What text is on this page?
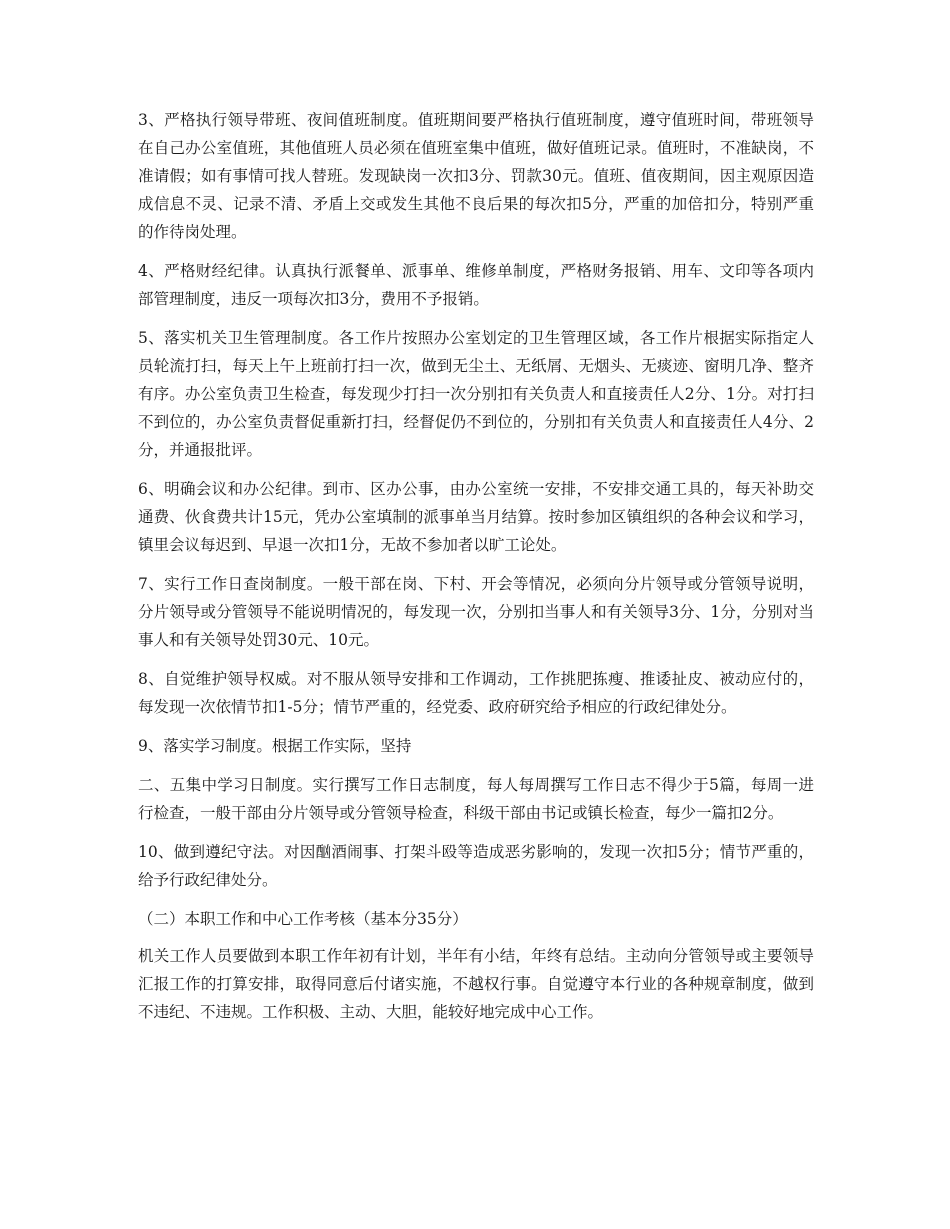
3、严格执行领导带班、夜间值班制度。值班期间要严格执行值班制度，遵守值班时间，带班领导在自己办公室值班，其他值班人员必须在值班室集中值班，做好值班记录。值班时，不准缺岗，不准请假；如有事情可找人替班。发现缺岗一次扣3分、罚款30元。值班、值夜期间，因主观原因造成信息不灵、记录不清、矛盾上交或发生其他不良后果的每次扣5分，严重的加倍扣分，特别严重的作待岗处理。

4、严格财经纪律。认真执行派餐单、派事单、维修单制度，严格财务报销、用车、文印等各项内部管理制度，违反一项每次扣3分，费用不予报销。

5、落实机关卫生管理制度。各工作片按照办公室划定的卫生管理区域，各工作片根据实际指定人员轮流打扫，每天上午上班前打扫一次，做到无尘土、无纸屑、无烟头、无痰迹、窗明几净、整齐有序。办公室负责卫生检查，每发现少打扫一次分别扣有关负责人和直接责任人2分、1分。对打扫不到位的，办公室负责督促重新打扫，经督促仍不到位的，分别扣有关负责人和直接责任人4分、2分，并通报批评。

6、明确会议和办公纪律。到市、区办公事，由办公室统一安排，不安排交通工具的，每天补助交通费、伙食费共计15元，凭办公室填制的派事单当月结算。按时参加区镇组织的各种会议和学习，镇里会议每迟到、早退一次扣1分，无故不参加者以旷工论处。

7、实行工作日查岗制度。一般干部在岗、下村、开会等情况，必须向分片领导或分管领导说明，分片领导或分管领导不能说明情况的，每发现一次，分别扣当事人和有关领导3分、1分，分别对当事人和有关领导处罚30元、10元。

8、自觉维护领导权威。对不服从领导安排和工作调动，工作挑肥拣瘦、推诿扯皮、被动应付的，每发现一次依情节扣1-5分；情节严重的，经党委、政府研究给予相应的行政纪律处分。

9、落实学习制度。根据工作实际，坚持

二、五集中学习日制度。实行撰写工作日志制度，每人每周撰写工作日志不得少于5篇，每周一进行检查，一般干部由分片领导或分管领导检查，科级干部由书记或镇长检查，每少一篇扣2分。

10、做到遵纪守法。对因酗酒闹事、打架斗殴等造成恶劣影响的，发现一次扣5分；情节严重的，给予行政纪律处分。

（二）本职工作和中心工作考核（基本分35分）

机关工作人员要做到本职工作年初有计划，半年有小结，年终有总结。主动向分管领导或主要领导汇报工作的打算安排，取得同意后付诸实施，不越权行事。自觉遵守本行业的各种规章制度，做到不违纪、不违规。工作积极、主动、大胆，能较好地完成中心工作。
